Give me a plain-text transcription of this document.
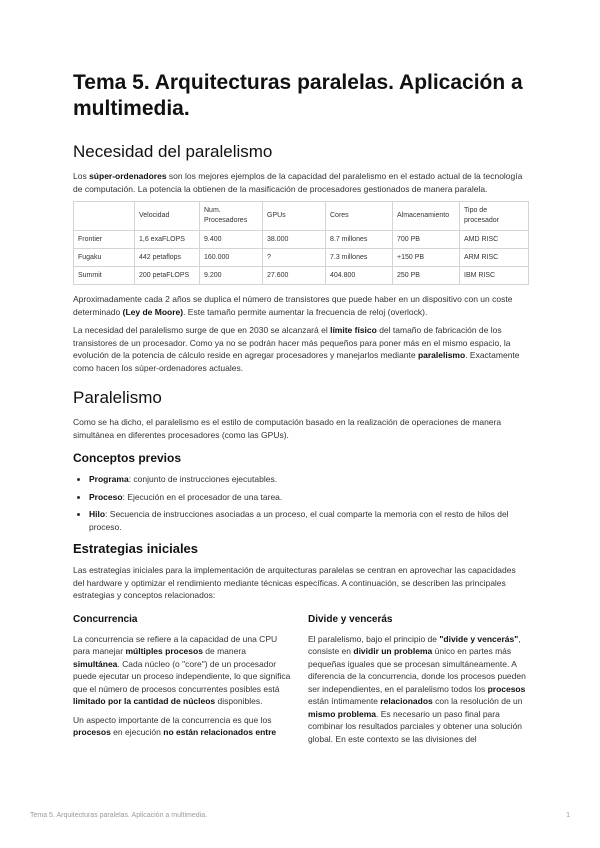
Tema 5. Arquitecturas paralelas. Aplicación a multimedia.
Necesidad del paralelismo

Los súper-ordenadores son los mejores ejemplos de la capacidad del paralelismo en el estado actual de la tecnología de computación. La potencia la obtienen de la masificación de procesadores gestionados de manera paralela.

	Velocidad	Num. Procesadores	GPUs	Cores	Almacenamiento	Tipo de procesador
Frontier	1,6 exaFLOPS	9.400	38.000	8.7 millones	700 PB	AMD RISC
Fugaku	442 petaflops	160.000	?	7.3 millones	+150 PB	ARM RISC
Summit	200 petaFLOPS	9.200	27.600	404.800	250 PB	IBM RISC

Aproximadamente cada 2 años se duplica el número de transistores que puede haber en un dispositivo con un coste determinado (Ley de Moore). Este tamaño permite aumentar la frecuencia de reloj (overlock).

La necesidad del paralelismo surge de que en 2030 se alcanzará el límite físico del tamaño de fabricación de los transistores de un procesador. Como ya no se podrán hacer más pequeños para poner más en el mismo espacio, la evolución de la potencia de cálculo reside en agregar procesadores y manejarlos mediante paralelismo. Exactamente como hacen los súper-ordenadores actuales.

Paralelismo

Como se ha dicho, el paralelismo es el estilo de computación basado en la realización de operaciones de manera simultánea en diferentes procesadores (como las GPUs).

Conceptos previos
• Programa: conjunto de instrucciones ejecutables.
• Proceso: Ejecución en el procesador de una tarea.
• Hilo: Secuencia de instrucciones asociadas a un proceso, el cual comparte la memoria con el resto de hilos del proceso.
Estrategias iniciales

Las estrategias iniciales para la implementación de arquitecturas paralelas se centran en aprovechar las capacidades del hardware y optimizar el rendimiento mediante técnicas específicas. A continuación, se describen las principales estrategias y conceptos relacionados:

Concurrencia

La concurrencia se refiere a la capacidad de una CPU para manejar múltiples procesos de manera simultánea. Cada núcleo (o "core") de un procesador puede ejecutar un proceso independiente, lo que significa que el número de procesos concurrentes posibles está limitado por la cantidad de núcleos disponibles.

Un aspecto importante de la concurrencia es que los procesos en ejecución no están relacionados entre

Divide y vencerás

El paralelismo, bajo el principio de "divide y vencerás", consiste en dividir un problema único en partes más pequeñas iguales que se procesan simultáneamente. A diferencia de la concurrencia, donde los procesos pueden ser independientes, en el paralelismo todos los procesos están íntimamente relacionados con la resolución de un mismo problema. Es necesario un paso final para combinar los resultados parciales y obtener una solución global. En este contexto se las divisiones del

Tema 5. Arquitecturas paralelas. Aplicación a multimedia.	1
